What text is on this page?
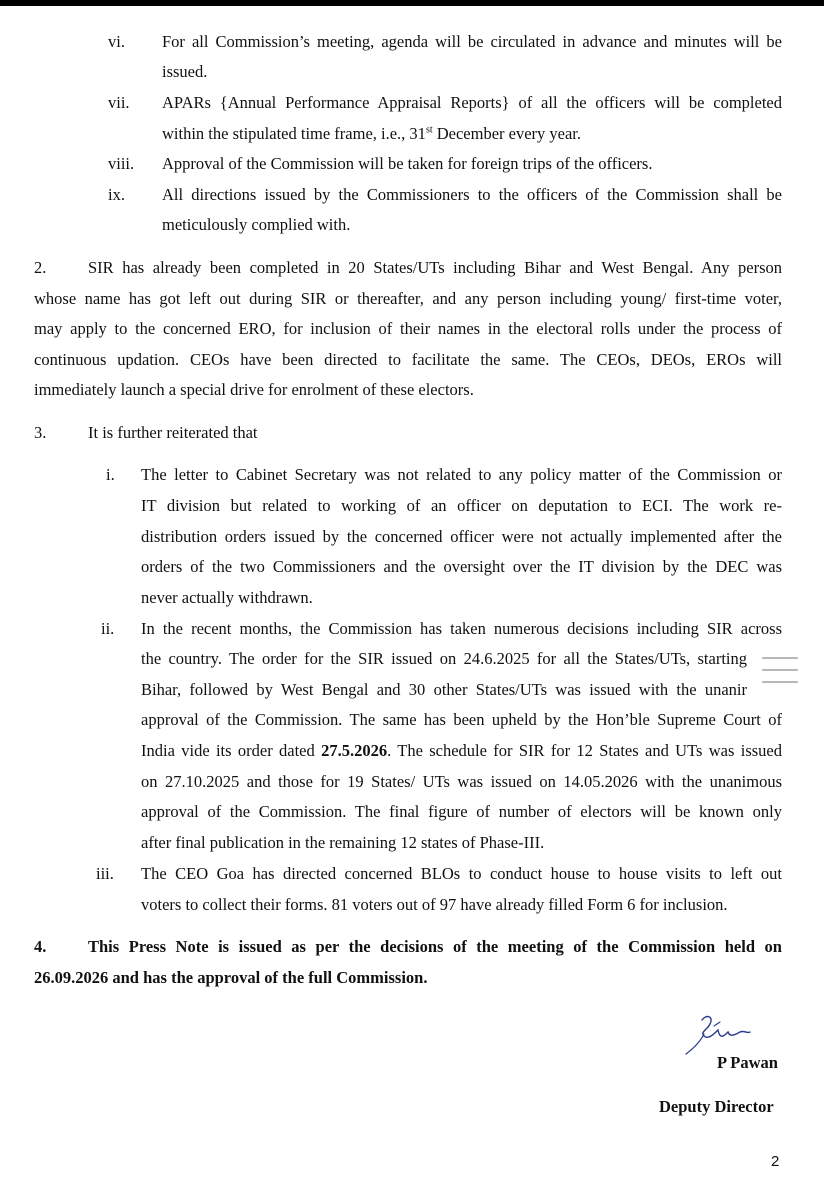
vi. For all Commission’s meeting, agenda will be circulated in advance and minutes will be
issued.
vii. APARs {Annual Performance Appraisal Reports} of all the officers will be completed
within the stipulated time frame, i.e., 31st December every year.
viii. Approval of the Commission will be taken for foreign trips of the officers.
ix. All directions issued by the Commissioners to the officers of the Commission shall be
meticulously complied with.
2.	SIR has already been completed in 20 States/UTs including Bihar and West Bengal. Any person
whose name has got left out during SIR or thereafter, and any person including young/ first-time voter,
may apply to the concerned ERO, for inclusion of their names in the electoral rolls under the process of
continuous updation. CEOs have been directed to facilitate the same. The CEOs, DEOs, EROs will
immediately launch a special drive for enrolment of these electors.
3.	It is further reiterated that
i. The letter to Cabinet Secretary was not related to any policy matter of the Commission or
IT division but related to working of an officer on deputation to ECI. The work re-
distribution orders issued by the concerned officer were not actually implemented after the
orders of the two Commissioners and the oversight over the IT division by the DEC was
never actually withdrawn.
ii. In the recent months, the Commission has taken numerous decisions including SIR across
the country. The order for the SIR issued on 24.6.2025 for all the States/UTs, starting
Bihar, followed by West Bengal and 30 other States/UTs was issued with the unanir
approval of the Commission. The same has been upheld by the Hon’ble Supreme Court of
India vide its order dated 27.5.2026. The schedule for SIR for 12 States and UTs was issued
on 27.10.2025 and those for 19 States/ UTs was issued on 14.05.2026 with the unanimous
approval of the Commission. The final figure of number of electors will be known only
after final publication in the remaining 12 states of Phase-III.
iii. The CEO Goa has directed concerned BLOs to conduct house to house visits to left out
voters to collect their forms. 81 voters out of 97 have already filled Form 6 for inclusion.
4.	This Press Note is issued as per the decisions of the meeting of the Commission held on
26.09.2026 and has the approval of the full Commission.
P Pawan
Deputy Director
2
